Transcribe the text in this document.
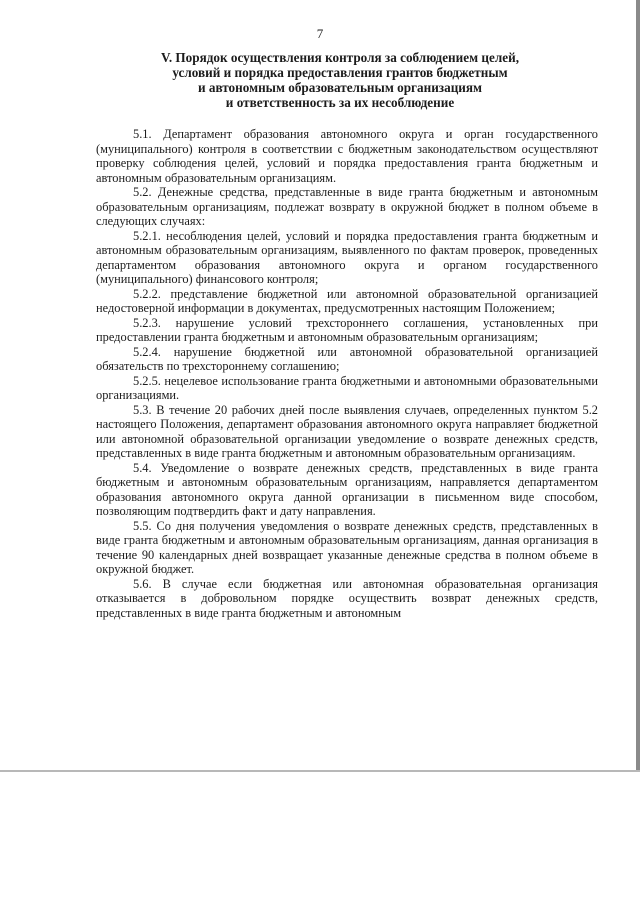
7
V. Порядок осуществления контроля за соблюдением целей,
условий и порядка предоставления грантов бюджетным
и автономным образовательным организациям
и ответственность за их несоблюдение

5.1. Департамент образования автономного округа и орган государственного (муниципального) контроля в соответствии с бюджетным законодательством осуществляют проверку соблюдения целей, условий и порядка предоставления гранта бюджетным и автономным образовательным организациям.

5.2. Денежные средства, представленные в виде гранта бюджетным и автономным образовательным организациям, подлежат возврату в окружной бюджет в полном объеме в следующих случаях:

5.2.1. несоблюдения целей, условий и порядка предоставления гранта бюджетным и автономным образовательным организациям, выявленного по фактам проверок, проведенных департаментом образования автономного округа и органом государственного (муниципального) финансового контроля;

5.2.2. представление бюджетной или автономной образовательной организацией недостоверной информации в документах, предусмотренных настоящим Положением;

5.2.3. нарушение условий трехстороннего соглашения, установленных при предоставлении гранта бюджетным и автономным образовательным организациям;

5.2.4. нарушение бюджетной или автономной образовательной организацией обязательств по трехстороннему соглашению;

5.2.5. нецелевое использование гранта бюджетными и автономными образовательными организациями.

5.3. В течение 20 рабочих дней после выявления случаев, определенных пунктом 5.2 настоящего Положения, департамент образования автономного округа направляет бюджетной или автономной образовательной организации уведомление о возврате денежных средств, представленных в виде гранта бюджетным и автономным образовательным организациям.

5.4. Уведомление о возврате денежных средств, представленных в виде гранта бюджетным и автономным образовательным организациям, направляется департаментом образования автономного округа данной организации в письменном виде способом, позволяющим подтвердить факт и дату направления.

5.5. Со дня получения уведомления о возврате денежных средств, представленных в виде гранта бюджетным и автономным образовательным организациям, данная организация в течение 90 календарных дней возвращает указанные денежные средства в полном объеме в окружной бюджет.

5.6. В случае если бюджетная или автономная образовательная организация отказывается в добровольном порядке осуществить возврат денежных средств, представленных в виде гранта бюджетным и автономным
